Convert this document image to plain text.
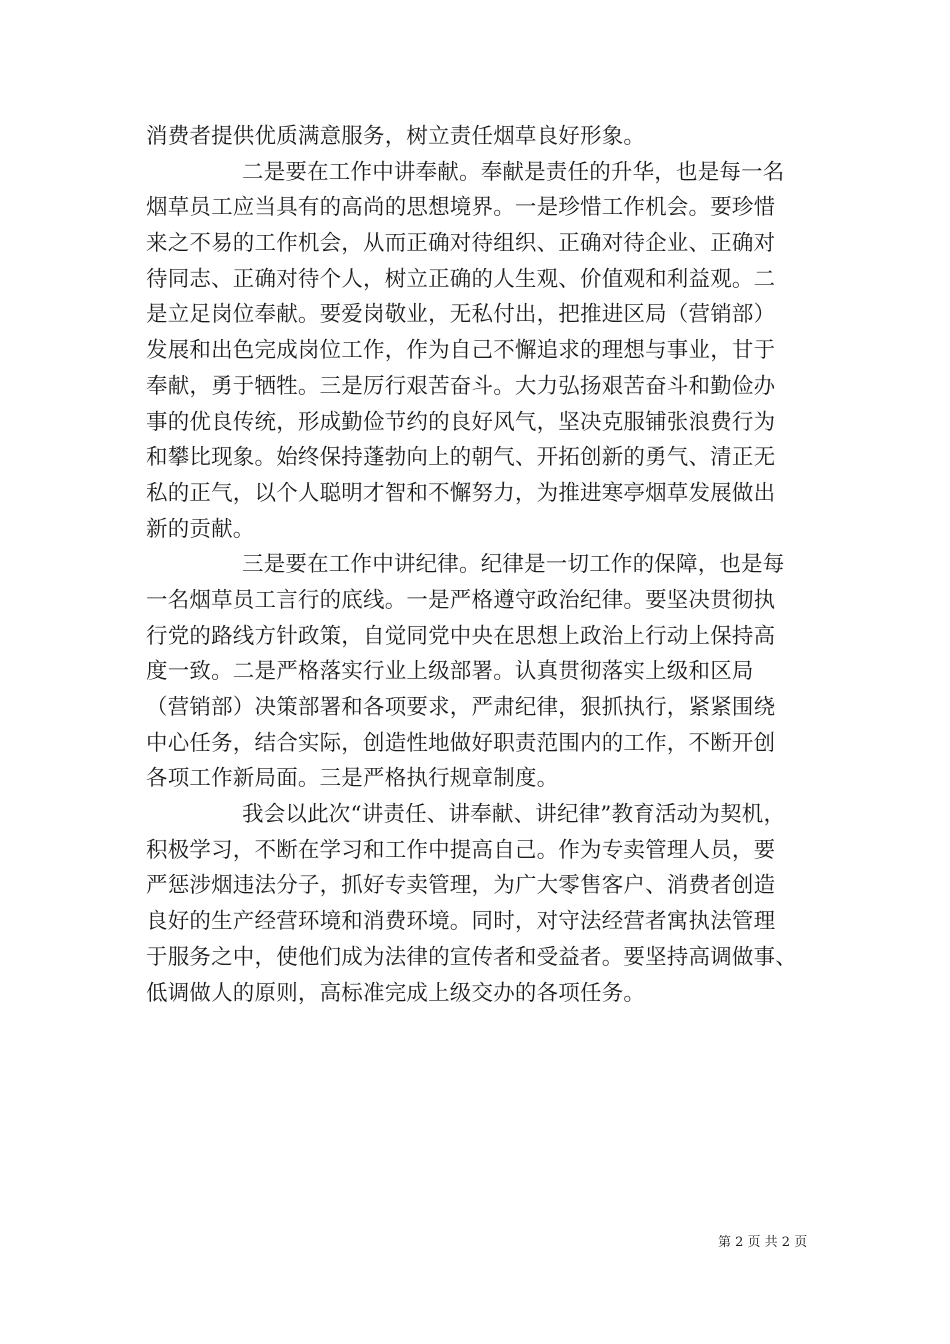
消费者提供优质满意服务，树立责任烟草良好形象。
二是要在工作中讲奉献。奉献是责任的升华，也是每一名
烟草员工应当具有的高尚的思想境界。一是珍惜工作机会。要珍惜
来之不易的工作机会，从而正确对待组织、正确对待企业、正确对
待同志、正确对待个人，树立正确的人生观、价值观和利益观。二
是立足岗位奉献。要爱岗敬业，无私付出，把推进区局（营销部）
发展和出色完成岗位工作，作为自己不懈追求的理想与事业，甘于
奉献，勇于牺牲。三是厉行艰苦奋斗。大力弘扬艰苦奋斗和勤俭办
事的优良传统，形成勤俭节约的良好风气，坚决克服铺张浪费行为
和攀比现象。始终保持蓬勃向上的朝气、开拓创新的勇气、清正无
私的正气，以个人聪明才智和不懈努力，为推进寒亭烟草发展做出
新的贡献。
三是要在工作中讲纪律。纪律是一切工作的保障，也是每
一名烟草员工言行的底线。一是严格遵守政治纪律。要坚决贯彻执
行党的路线方针政策，自觉同党中央在思想上政治上行动上保持高
度一致。二是严格落实行业上级部署。认真贯彻落实上级和区局
（营销部）决策部署和各项要求，严肃纪律，狠抓执行，紧紧围绕
中心任务，结合实际，创造性地做好职责范围内的工作，不断开创
各项工作新局面。三是严格执行规章制度。
我会以此次“讲责任、讲奉献、讲纪律”教育活动为契机，
积极学习，不断在学习和工作中提高自己。作为专卖管理人员，要
严惩涉烟违法分子，抓好专卖管理，为广大零售客户、消费者创造
良好的生产经营环境和消费环境。同时，对守法经营者寓执法管理
于服务之中，使他们成为法律的宣传者和受益者。要坚持高调做事、
低调做人的原则，高标准完成上级交办的各项任务。
第 2 页 共 2 页
